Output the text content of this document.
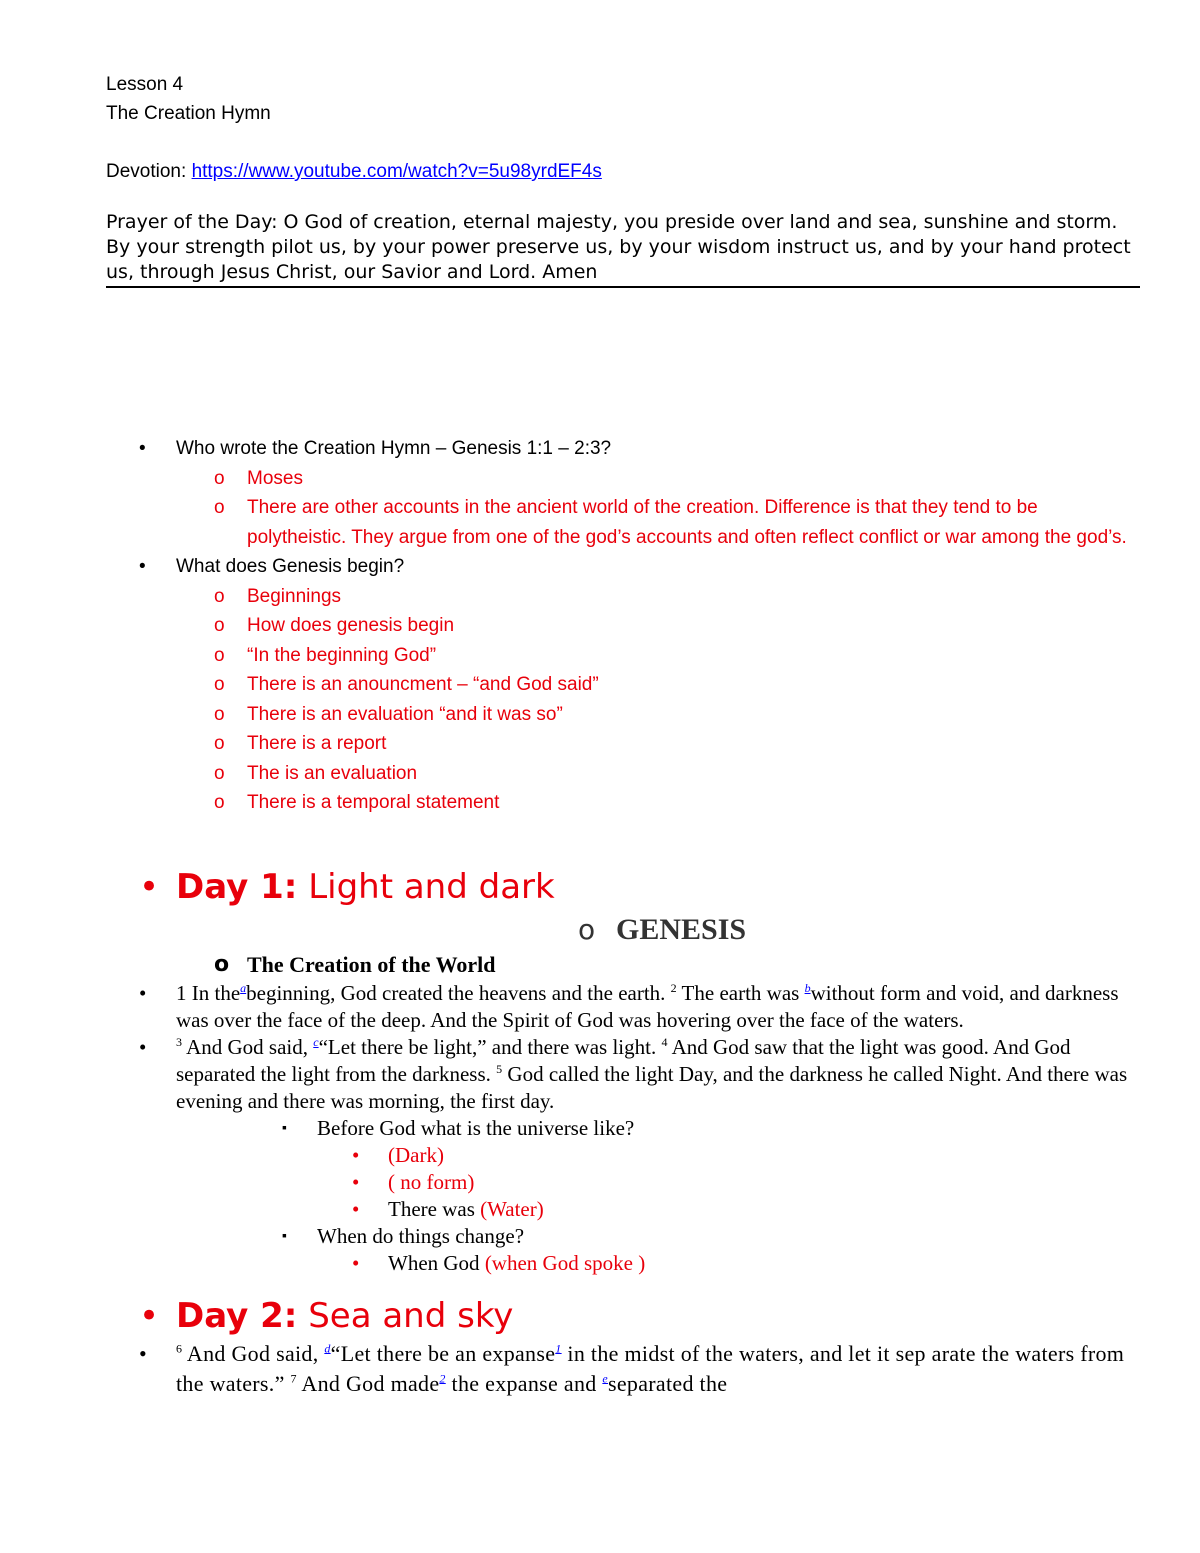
Lesson 4
The Creation Hymn
Devotion: https://www.youtube.com/watch?v=5u98yrdEF4s
Prayer of the Day: O God of creation, eternal majesty, you preside over land and sea, sunshine and storm. By your strength pilot us, by your power preserve us, by your wisdom instruct us, and by your hand protect us, through Jesus Christ, our Savior and Lord. Amen
• Who wrote the Creation Hymn – Genesis 1:1 – 2:3?
o Moses
o There are other accounts in the ancient world of the creation. Difference is that they tend to be polytheistic. They argue from one of the god’s accounts and often reflect conflict or war among the god’s.
• What does Genesis begin?
o Beginnings
o How does genesis begin
o “In the beginning God”
o There is an anouncment – “and God said”
o There is an evaluation “and it was so”
o There is a report
o The is an evaluation
o There is a temporal statement
• Day 1: Light and dark
o GENESIS
o The Creation of the World
• 1 In the$^a$beginning, God created the heavens and the earth. $^2$ The earth was $^b$without form and void, and darkness was over the face of the deep. And the Spirit of God was hovering over the face of the waters.
• $^3$ And God said, $^c$“Let there be light,” and there was light. $^4$ And God saw that the light was good. And God separated the light from the darkness. $^5$ God called the light Day, and the darkness he called Night. And there was evening and there was morning, the first day.
▪ Before God what is the universe like?
• (Dark)
• ( no form)
• There was (Water)
▪ When do things change?
• When God (when God spoke )
• Day 2: Sea and sky
• $^6$ And God said, $^d$“Let there be an expanse$^1$ in the midst of the waters, and let it sep arate the waters from the waters.” $^7$ And God made$^2$ the expanse and $^e$separated the
